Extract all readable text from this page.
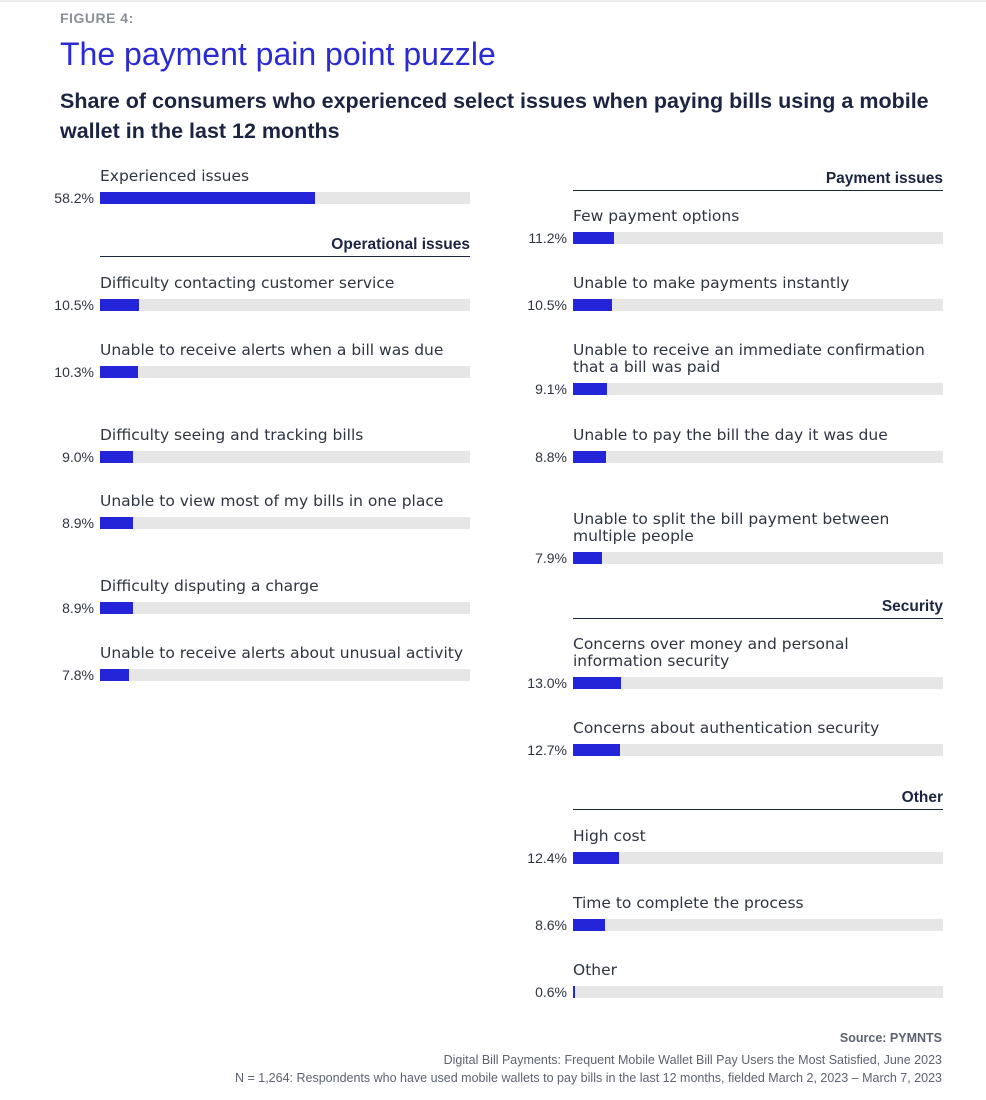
FIGURE 4:
The payment pain point puzzle
Share of consumers who experienced select issues when paying bills using a mobile wallet in the last 12 months
Experienced issues
58.2%
Operational issues
Difficulty contacting customer service
10.5%
Unable to receive alerts when a bill was due
10.3%
Difficulty seeing and tracking bills
9.0%
Unable to view most of my bills in one place
8.9%
Difficulty disputing a charge
8.9%
Unable to receive alerts about unusual activity
7.8%
Payment issues
Few payment options
11.2%
Unable to make payments instantly
10.5%
Unable to receive an immediate confirmation that a bill was paid
9.1%
Unable to pay the bill the day it was due
8.8%
Unable to split the bill payment between multiple people
7.9%
Security
Concerns over money and personal information security
13.0%
Concerns about authentication security
12.7%
Other
High cost
12.4%
Time to complete the process
8.6%
Other
0.6%
Source: PYMNTS
Digital Bill Payments: Frequent Mobile Wallet Bill Pay Users the Most Satisfied, June 2023
N = 1,264: Respondents who have used mobile wallets to pay bills in the last 12 months, fielded March 2, 2023 – March 7, 2023
